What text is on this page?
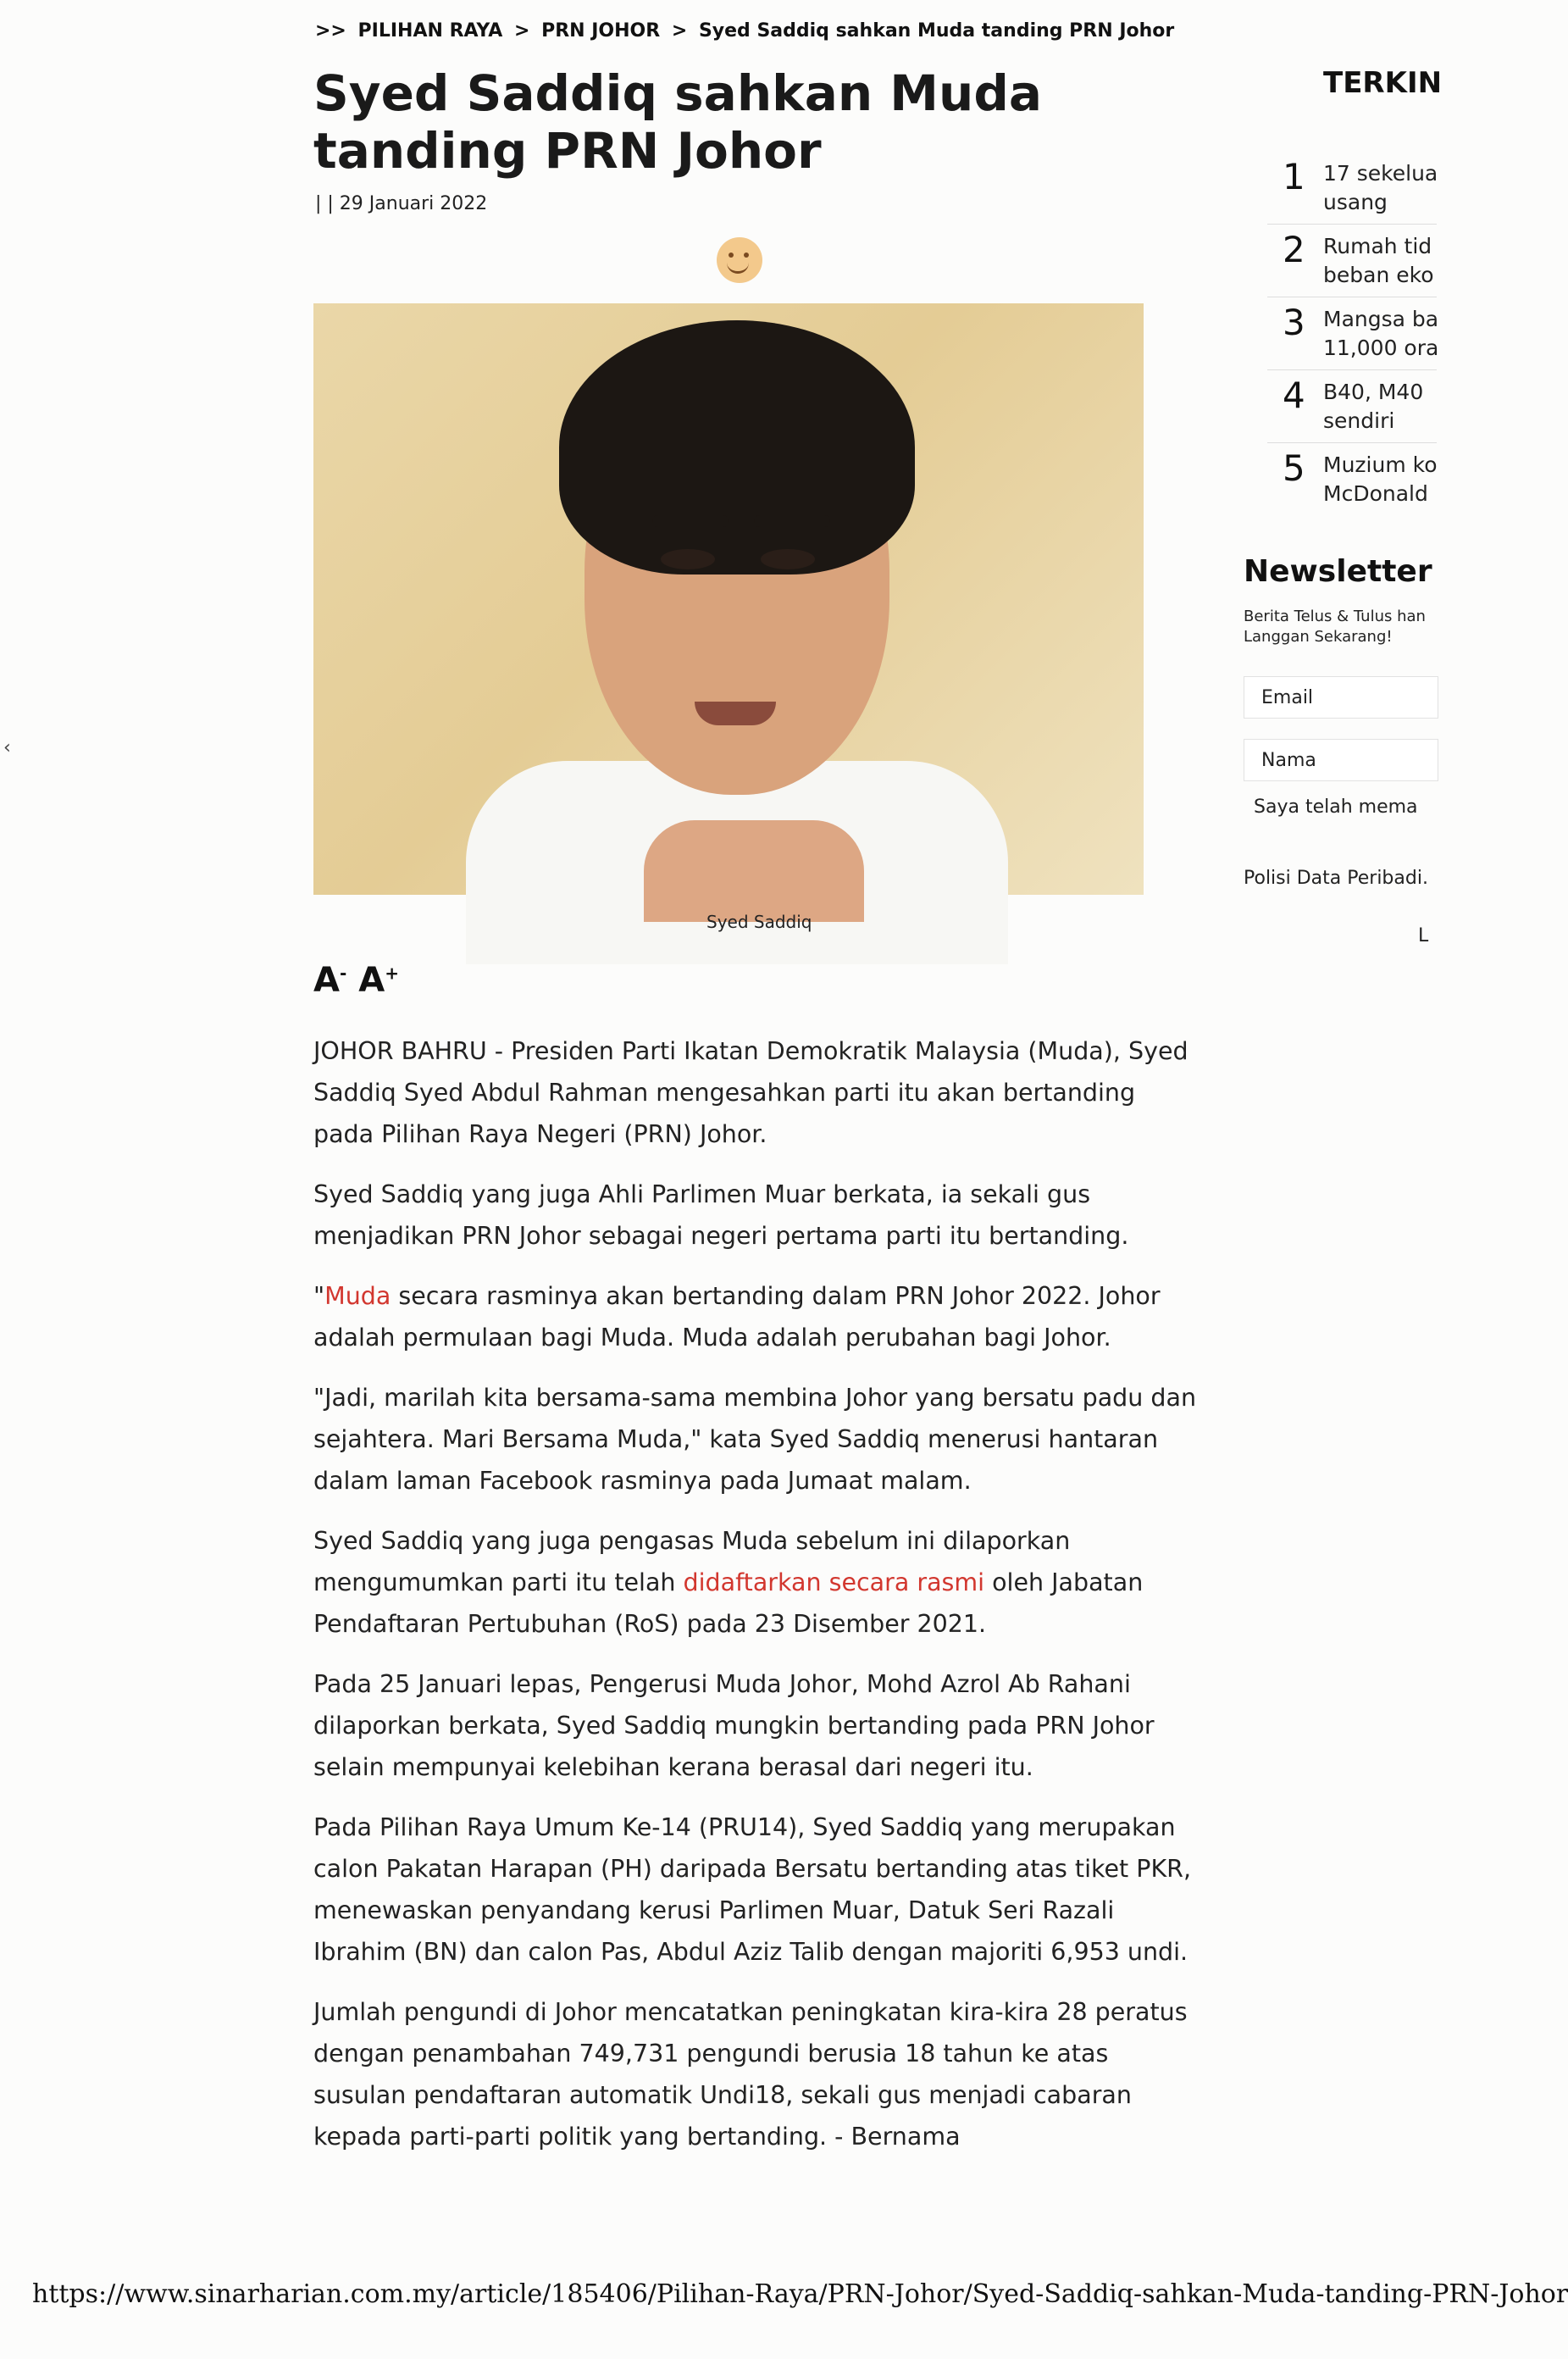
>> PILIHAN RAYA > PRN JOHOR > Syed Saddiq sahkan Muda tanding PRN Johor
Syed Saddiq sahkan Muda tanding PRN Johor
| | 29 Januari 2022
Syed Saddiq
A- A+

JOHOR BAHRU - Presiden Parti Ikatan Demokratik Malaysia (Muda), Syed Saddiq Syed Abdul Rahman mengesahkan parti itu akan bertanding pada Pilihan Raya Negeri (PRN) Johor.

Syed Saddiq yang juga Ahli Parlimen Muar berkata, ia sekali gus menjadikan PRN Johor sebagai negeri pertama parti itu bertanding.

"Muda secara rasminya akan bertanding dalam PRN Johor 2022. Johor adalah permulaan bagi Muda. Muda adalah perubahan bagi Johor.

"Jadi, marilah kita bersama-sama membina Johor yang bersatu padu dan sejahtera. Mari Bersama Muda," kata Syed Saddiq menerusi hantaran dalam laman Facebook rasminya pada Jumaat malam.

Syed Saddiq yang juga pengasas Muda sebelum ini dilaporkan mengumumkan parti itu telah didaftarkan secara rasmi oleh Jabatan Pendaftaran Pertubuhan (RoS) pada 23 Disember 2021.

Pada 25 Januari lepas, Pengerusi Muda Johor, Mohd Azrol Ab Rahani dilaporkan berkata, Syed Saddiq mungkin bertanding pada PRN Johor selain mempunyai kelebihan kerana berasal dari negeri itu.

Pada Pilihan Raya Umum Ke-14 (PRU14), Syed Saddiq yang merupakan calon Pakatan Harapan (PH) daripada Bersatu bertanding atas tiket PKR, menewaskan penyandang kerusi Parlimen Muar, Datuk Seri Razali Ibrahim (BN) dan calon Pas, Abdul Aziz Talib dengan majoriti 6,953 undi.

Jumlah pengundi di Johor mencatatkan peningkatan kira-kira 28 peratus dengan penambahan 749,731 pengundi berusia 18 tahun ke atas susulan pendaftaran automatik Undi18, sekali gus menjadi cabaran kepada parti-parti politik yang bertanding. - Bernama

TERKIN
1 17 sekelua
usang
2 Rumah tid
beban eko
3 Mangsa ba
11,000 ora
4 B40, M40
sendiri
5 Muzium ko
McDonald
Newsletter
Berita Telus & Tulus han
Langgan Sekarang!
Email
Nama
Saya telah mema
Polisi Data Peribadi.
L
‹
https://www.sinarharian.com.my/article/185406/Pilihan-Raya/PRN-Johor/Syed-Saddiq-sahkan-Muda-tanding-PRN-Johor
